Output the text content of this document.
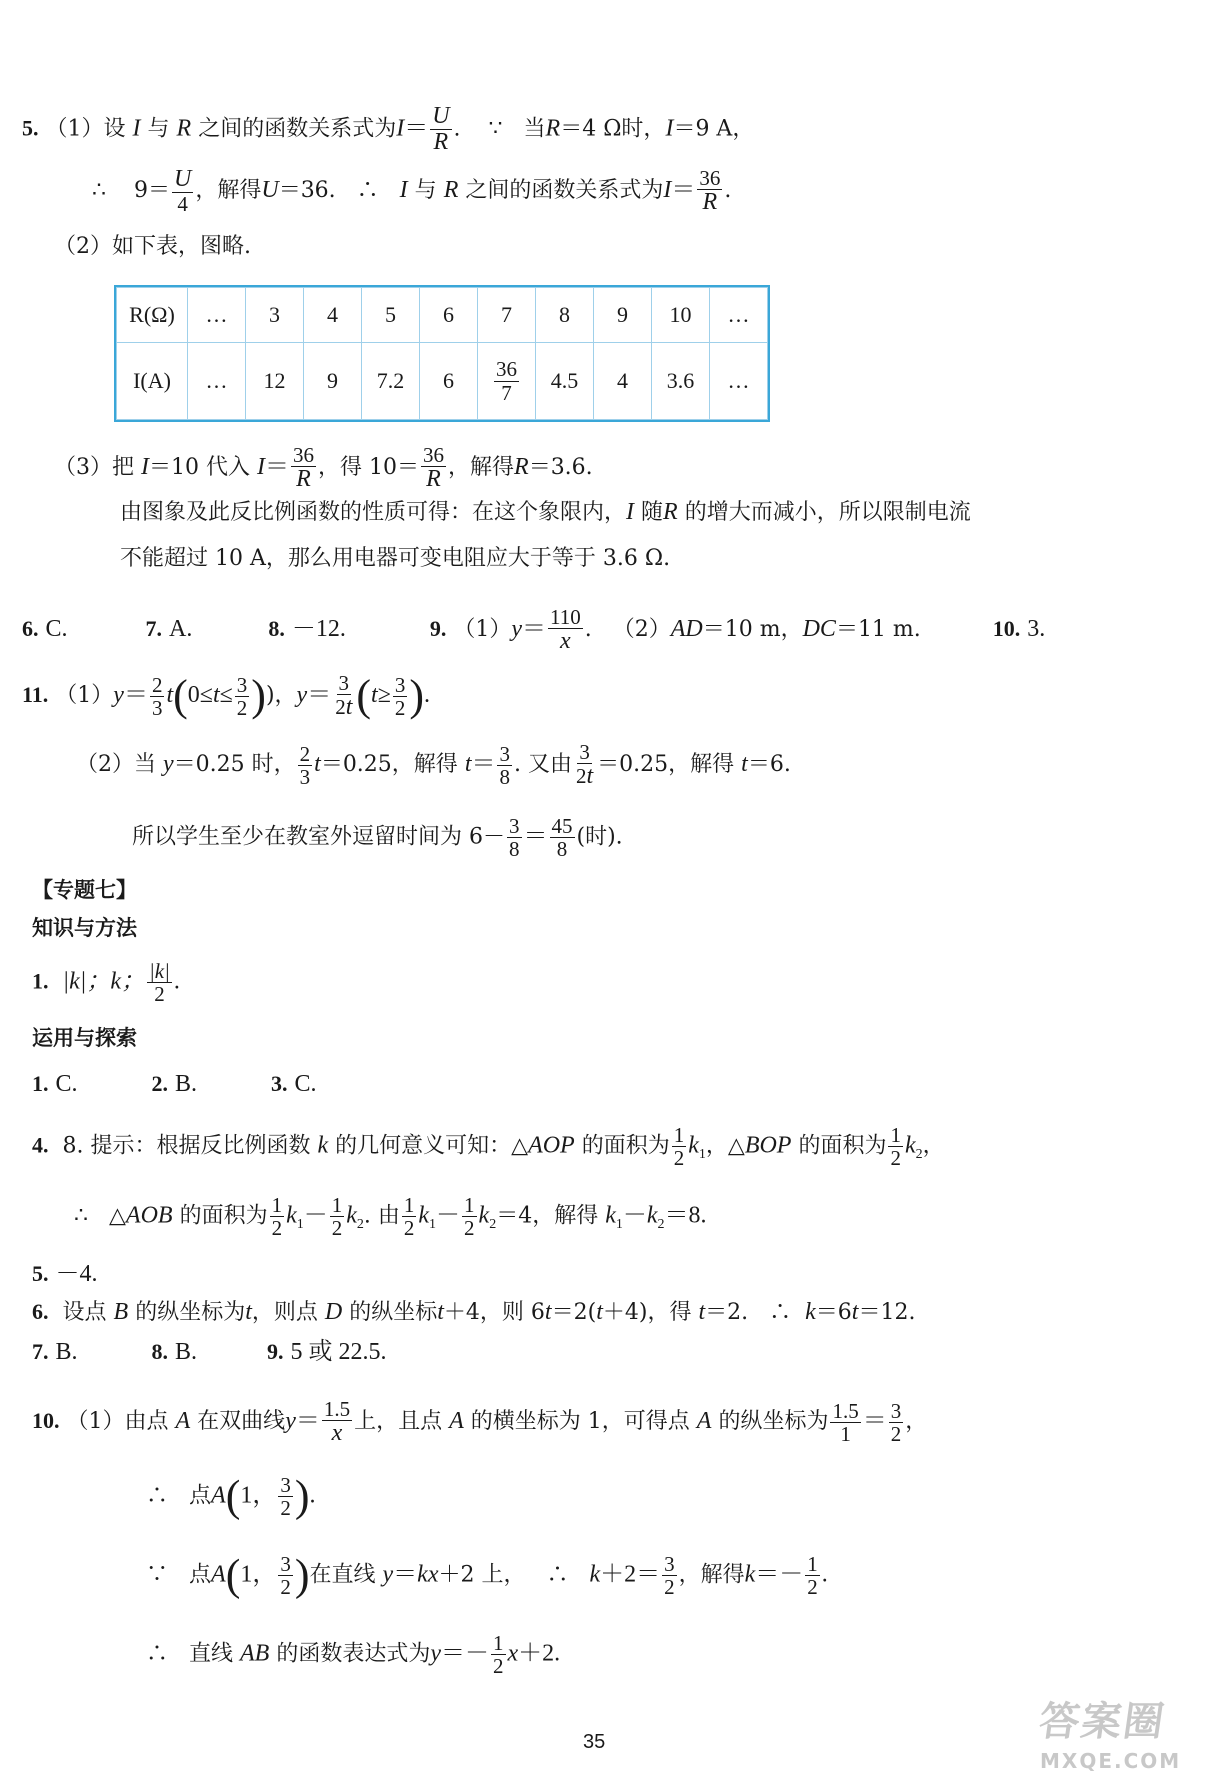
5. （1）设 I 与 R 之间的函数关系式为$I= \frac{U}{R}$ . ∵ 当R＝4 Ω时，I＝9 A，
∴ $9= \frac{U}{4}$ ，解得U＝36. ∴ I 与 R 之间的函数关系式为$I= \frac{36}{R}$ .
（2）如下表，图略.
R(Ω)	…	3	4	5	6	7	8	9	10	…
I(A)	…	12	9	7.2	6	$\frac{36}{7}$	4.5	4	3.6	…
（3）把 I＝10 代入 $I= \frac{36}{R}$ ，得 $10= \frac{36}{R}$ ，解得R＝3.6.
由图象及此反比例函数的性质可得：在这个象限内，I 随R 的增大而减小，所以限制电流
不能超过 10 A，那么用电器可变电阻应大于等于 3.6 Ω.
6. C.	7. A.	8. －12.	9. $(1)y= \frac{110}{x}$ . （2）AD＝10 m，DC＝11 m.	10. 3.
11. $(1)y= \frac{2}{3} t(0\le t\le \frac{3}{2}$ ))，$y= \frac{3}{2t} (t\ge \frac{3}{2}$ ).
（2）当 y＝0.25 时， $\frac{2}{3} t=0.25$，解得 $t= \frac{3}{8}$ . 又由 $\frac{3}{2t} =0.25$，解得 t＝6.
所以学生至少在教室外逗留时间为 $6- \frac{3}{8} = \frac{45}{8}$ (时).
【专题七】
知识与方法
1. |k|；k； $\frac{|k|}{2}$ .
运用与探索
1. C.	2. B.	3. C.
4. 8. 提示：根据反比例函数 k 的几何意义可知：△AOP 的面积为 $\frac{1}{2} k_1$，△BOP 的面积为 $\frac{1}{2} k_2$，
∴ △AOB 的面积为 $\frac{1}{2} k_1- \frac{1}{2} k_2$. 由 $\frac{1}{2} k_1- \frac{1}{2} k_2=4$，解得 $k_1-k_2=8$.
5. －4.
6. 设点 B 的纵坐标为t，则点 D 的纵坐标t＋4，则 6t＝2(t＋4)，得 t＝2. ∴ k＝6t＝12.
7. B.	8. B.	9. 5 或 22.5.
10. （1）由点 A 在双曲线$y= \frac{1.5}{x}$ 上，且点 A 的横坐标为 1，可得点 A 的纵坐标为 $\frac{1.5}{1} = \frac{3}{2}$ ，
∴ 点A(1， $\frac{3}{2}$ ).
∵ 点A(1， $\frac{3}{2}$ )在直线 y＝kx＋2 上， ∴ $k+2= \frac{3}{2}$ ，解得$k=- \frac{1}{2}$ .
∴ 直线 AB 的函数表达式为$y=- \frac{1}{2} x+2$.
35	答案圈
MXQE.COM
